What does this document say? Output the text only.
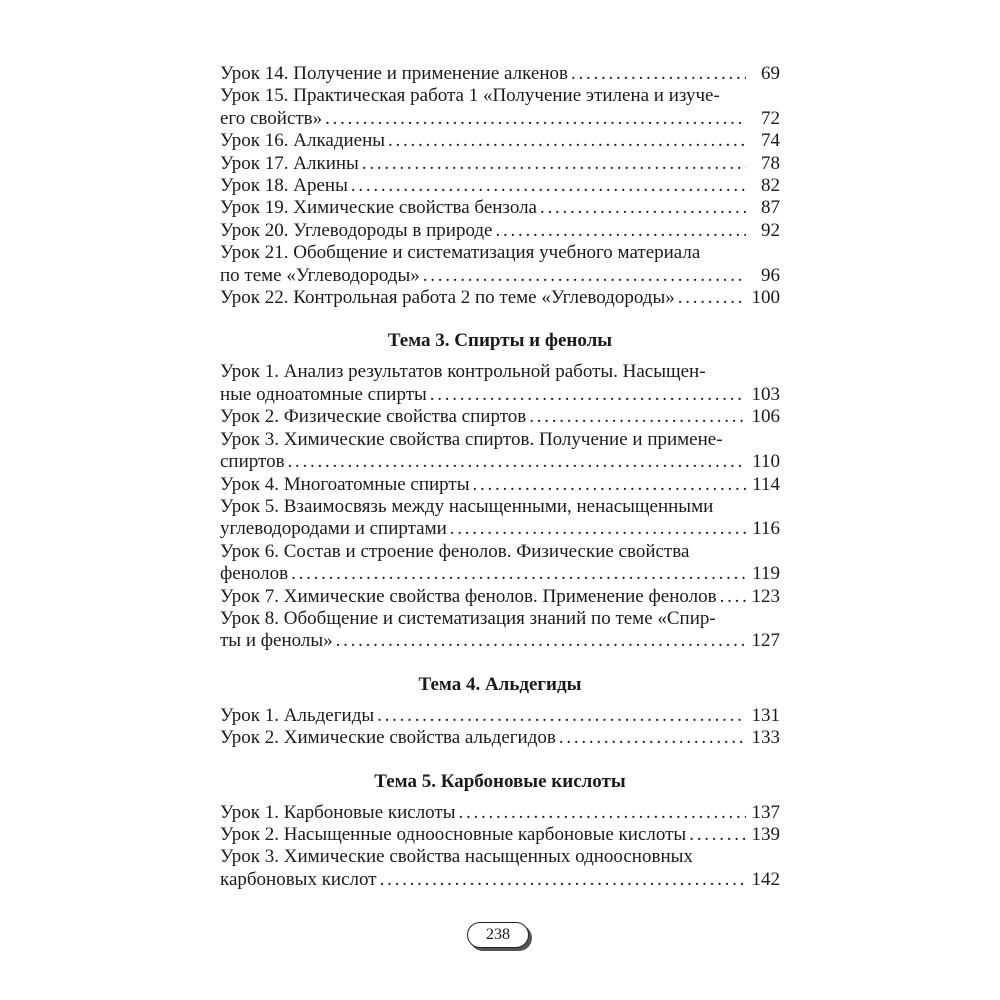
Урок 14. Получение и применение алкенов . . .	69
Урок 15. Практическая работа 1 «Получение этилена и изуче-
его свойств» . . .	72
Урок 16. Алкадиены . . .	74
Урок 17. Алкины . . .	78
Урок 18. Арены . . .	82
Урок 19. Химические свойства бензола . . .	87
Урок 20. Углеводороды в природе . . .	92
Урок 21. Обобщение и систематизация учебного материала
по теме «Углеводороды» . . .	96
Урок 22. Контрольная работа 2 по теме «Углеводороды» . . .	100
Тема 3. Спирты и фенолы
Урок 1. Анализ результатов контрольной работы. Насыщен-
ные одноатомные спирты . . .	103
Урок 2. Физические свойства спиртов . . .	106
Урок 3. Химические свойства спиртов. Получение и примене-
спиртов . . .	110
Урок 4. Многоатомные спирты . . .	114
Урок 5. Взаимосвязь между насыщенными, ненасыщенными
углеводородами и спиртами . . .	116
Урок 6. Состав и строение фенолов. Физические свойства
фенолов . . .	119
Урок 7. Химические свойства фенолов. Применение фенолов . . . 123
Урок 8. Обобщение и систематизация знаний по теме «Спир-
ты и фенолы» . . .	127
Тема 4. Альдегиды
Урок 1. Альдегиды . . .	131
Урок 2. Химические свойства альдегидов . . .	133
Тема 5. Карбоновые кислоты
Урок 1. Карбоновые кислоты . . .	137
Урок 2. Насыщенные одноосновные карбоновые кислоты . . .	139
Урок 3. Химические свойства насыщенных одноосновных
карбоновых кислот . . .	142
238
